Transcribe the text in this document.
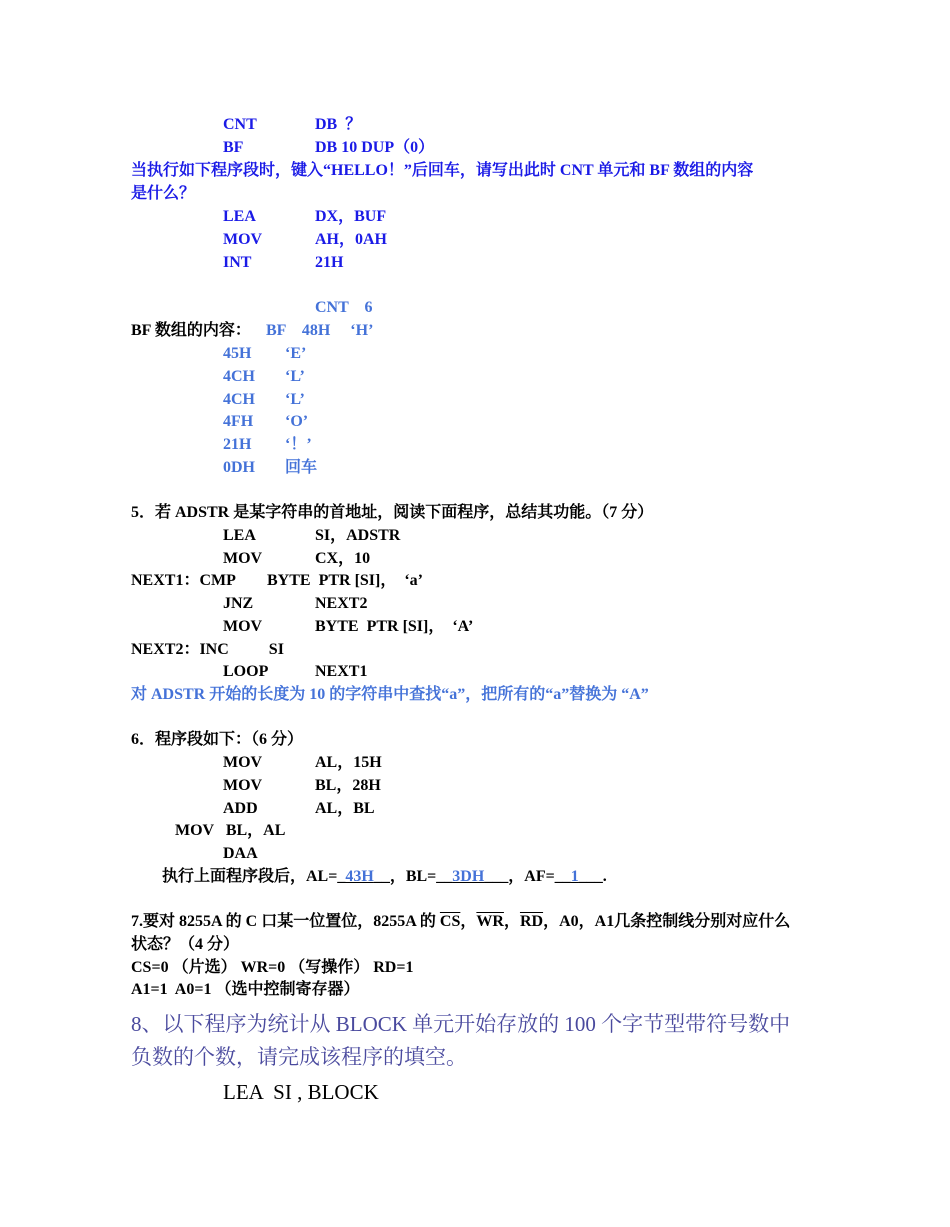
CNT	DB  ？
BF	DB 10 DUP（0）
当执行如下程序段时，键入“HELLO！”后回车，请写出此时 CNT 单元和 BF 数组的内容
是什么？
LEA	DX，BUF
MOV	AH，0AH
INT	21H
CNT    6
BF 数组的内容： BF    48H     ‘H’
45H ‘E’
4CH ‘L’
4CH ‘L’
4FH ‘O’
21H ‘！’
0DH 回车
5．若 ADSTR 是某字符串的首地址，阅读下面程序，总结其功能。（7 分）
LEA	SI，ADSTR
MOV	CX，10
NEXT1：CMP        BYTE  PTR [SI]，  ‘a’
JNZ	NEXT2
MOV	BYTE  PTR [SI]，  ‘A’
NEXT2：INC          SI
LOOP	NEXT1
对 ADSTR 开始的长度为 10 的字符串中查找“a”，把所有的“a”替换为 “A”
6．程序段如下：（6 分）
MOV	AL，15H
MOV	BL，28H
ADD	AL，BL
MOV   BL，AL
DAA
执行上面程序段后，AL=_43H__，BL=__3DH___，AF=__1___.
7.要对 8255A 的 C 口某一位置位，8255A 的 $\overline{CS}$，$\overline{WR}$，$\overline{RD}$，A0，A1几条控制线分别对应什么
状态？（4 分）
CS=0 （片选） WR=0 （写操作） RD=1
A1=1  A0=1 （选中控制寄存器）
8、以下程序为统计从 BLOCK 单元开始存放的 100 个字节型带符号数中
负数的个数，请完成该程序的填空。
LEA  SI , BLOCK
